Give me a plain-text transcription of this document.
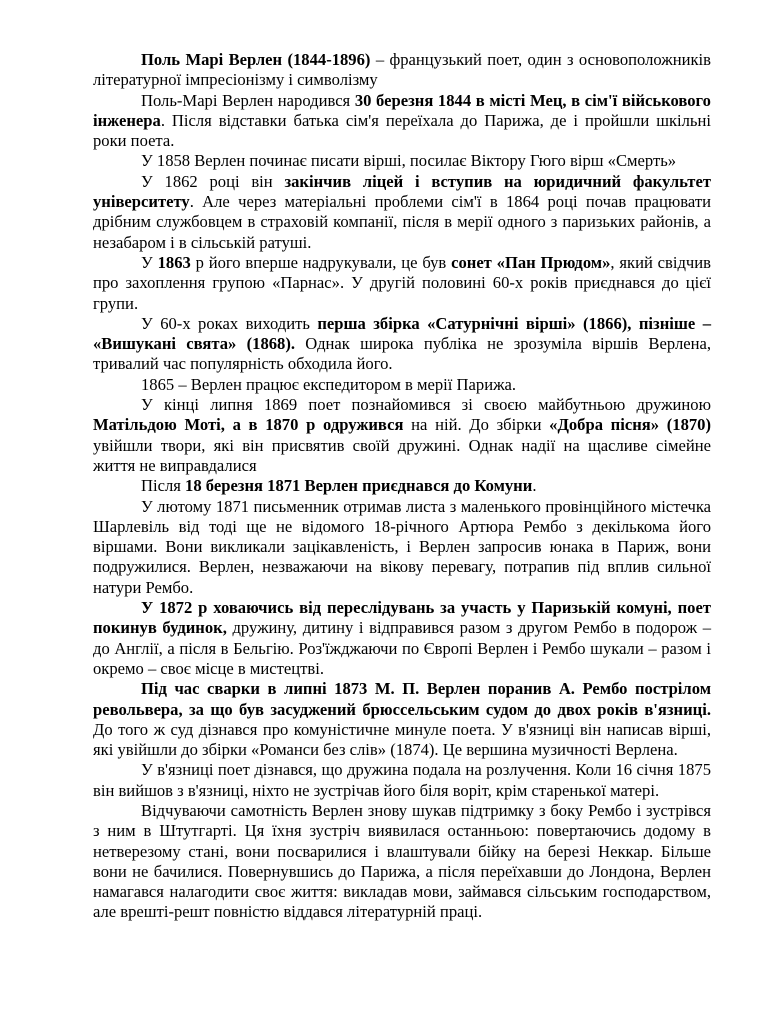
Поль Марі Верлен (1844-1896) – французький поет, один з основоположників літературної імпресіонізму і символізму

Поль-Марі Верлен народився 30 березня 1844 в місті Мец, в сім'ї військового інженера. Після відставки батька сім'я переїхала до Парижа, де і пройшли шкільні роки поета.

У 1858 Верлен починає писати вірші, посилає Віктору Гюго вірш «Смерть»

У 1862 році він закінчив ліцей і вступив на юридичний факультет університету. Але через матеріальні проблеми сім'ї в 1864 році почав працювати дрібним службовцем в страховій компанії, після в мерії одного з паризьких районів, а незабаром і в сільській ратуші.

У 1863 р його вперше надрукували, це був сонет «Пан Прюдом», який свідчив про захоплення групою «Парнас». У другій половині 60-х років приєднався до цієї групи.

У 60-х роках виходить перша збірка «Сатурнічні вірші» (1866), пізніше – «Вишукані свята» (1868). Однак широка публіка не зрозуміла віршів Верлена, тривалий час популярність обходила його.

1865 – Верлен працює експедитором в мерії Парижа.

У кінці липня 1869 поет познайомився зі своєю майбутньою дружиною Матільдою Моті, а в 1870 р одружився на ній. До збірки «Добра пісня» (1870) увійшли твори, які він присвятив своїй дружині. Однак надії на щасливе сімейне життя не виправдалися

Після 18 березня 1871 Верлен приєднався до Комуни.

У лютому 1871 письменник отримав листа з маленького провінційного містечка Шарлевіль від тоді ще не відомого 18-річного Артюра Рембо з декількома його віршами. Вони викликали зацікавленість, і Верлен запросив юнака в Париж, вони подружилися. Верлен, незважаючи на вікову перевагу, потрапив під вплив сильної натури Рембо.

У 1872 р ховаючись від переслідувань за участь у Паризькій комуні, поет покинув будинок, дружину, дитину і відправився разом з другом Рембо в подорож – до Англії, а після в Бельгію. Роз'їжджаючи по Європі Верлен і Рембо шукали – разом і окремо – своє місце в мистецтві.

Під час сварки в липні 1873 М. П. Верлен поранив А. Рембо пострілом револьвера, за що був засуджений брюссельським судом до двох років в'язниці. До того ж суд дізнався про комуністичне минуле поета. У в'язниці він написав вірші, які увійшли до збірки «Романси без слів» (1874). Це вершина музичності Верлена.

У в'язниці поет дізнався, що дружина подала на розлучення. Коли 16 січня 1875 він вийшов з в'язниці, ніхто не зустрічав його біля воріт, крім старенької матері.

Відчуваючи самотність Верлен знову шукав підтримку з боку Рембо і зустрівся з ним в Штутгарті. Ця їхня зустріч виявилася останньою: повертаючись додому в нетверезому стані, вони посварилися і влаштували бійку на березі Неккар. Більше вони не бачилися. Повернувшись до Парижа, а після переїхавши до Лондона, Верлен намагався налагодити своє життя: викладав мови, займався сільським господарством, але врешті-решт повністю віддався літературній праці.
